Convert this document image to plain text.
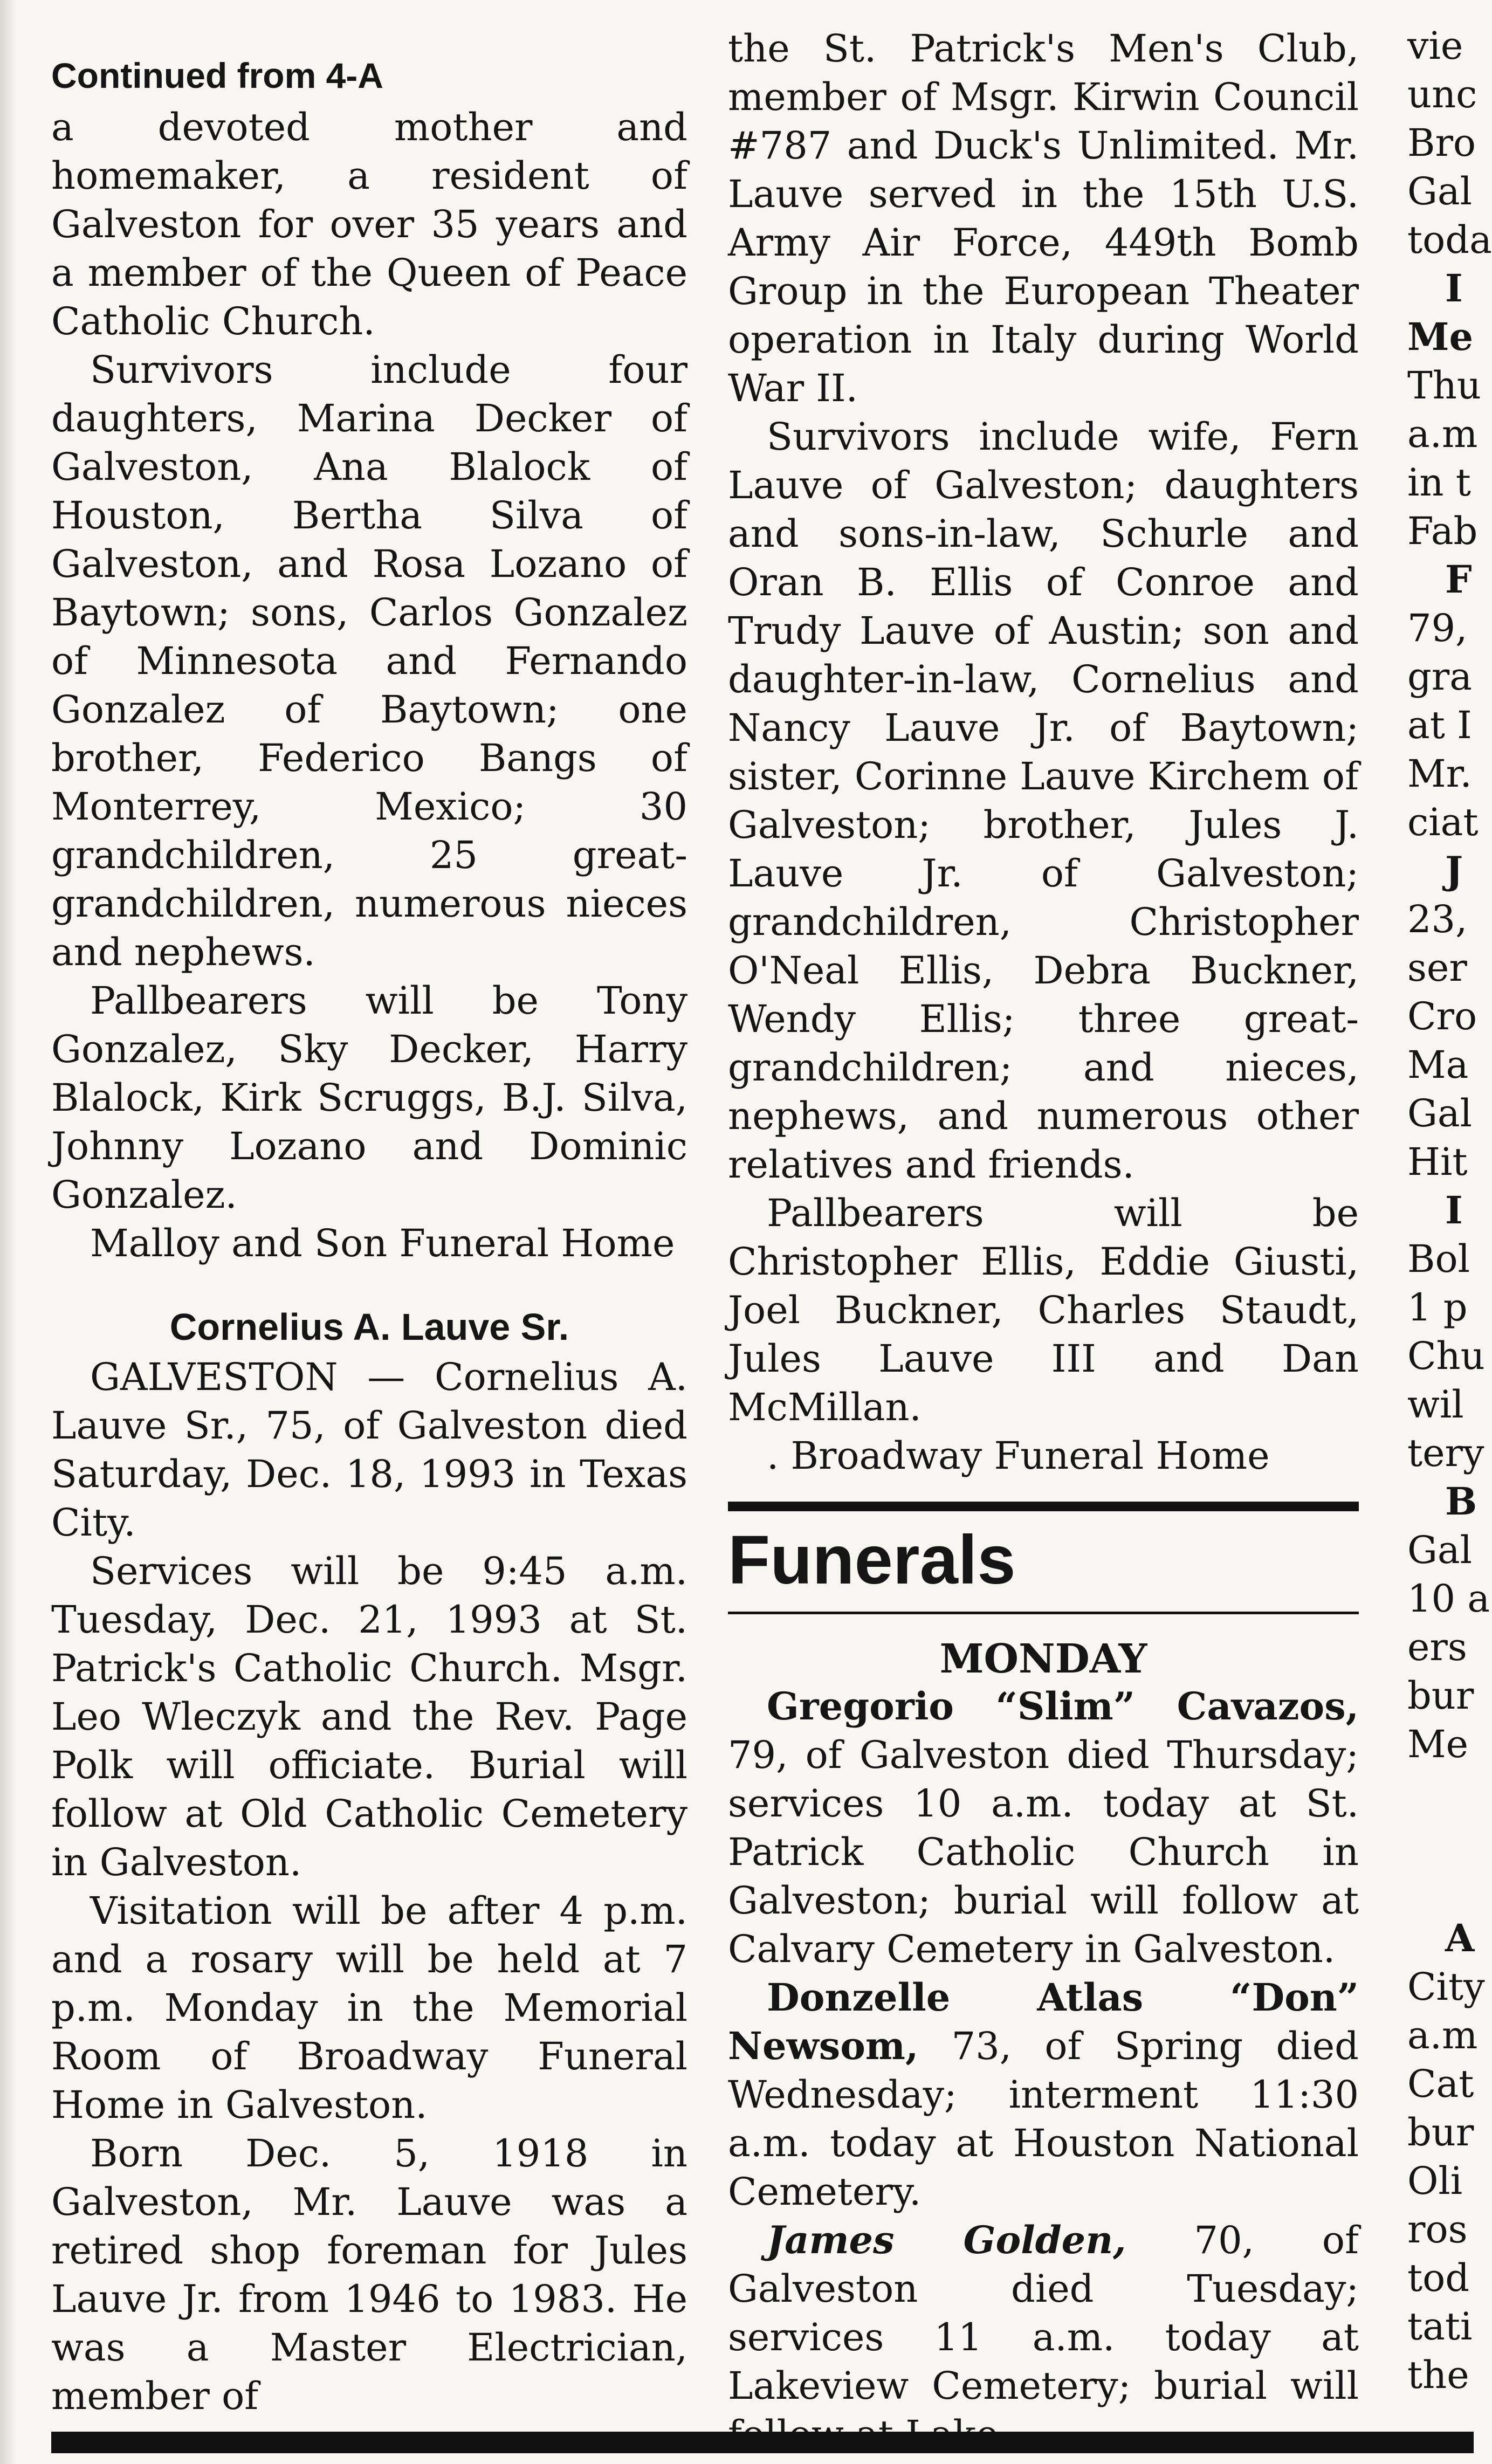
Continued from 4-A

a devoted mother and homemaker, a resident of Galveston for over 35 years and a member of the Queen of Peace Catholic Church.

Survivors include four daughters, Marina Decker of Galveston, Ana Blalock of Houston, Bertha Silva of Galveston, and Rosa Lozano of Baytown; sons, Carlos Gonzalez of Minnesota and Fernando Gonzalez of Baytown; one brother, Federico Bangs of Monterrey, Mexico; 30 grandchildren, 25 great-grandchildren, numerous nieces and nephews.

Pallbearers will be Tony Gonzalez, Sky Decker, Harry Blalock, Kirk Scruggs, B.J. Silva, Johnny Lozano and Dominic Gonzalez.

Malloy and Son Funeral Home

Cornelius A. Lauve Sr.

GALVESTON — Cornelius A. Lauve Sr., 75, of Galveston died Saturday, Dec. 18, 1993 in Texas City.

Services will be 9:45 a.m. Tuesday, Dec. 21, 1993 at St. Patrick's Catholic Church. Msgr. Leo Wleczyk and the Rev. Page Polk will officiate. Burial will follow at Old Catholic Cemetery in Galveston.

Visitation will be after 4 p.m. and a rosary will be held at 7 p.m. Monday in the Memorial Room of Broadway Funeral Home in Galveston.

Born Dec. 5, 1918 in Galveston, Mr. Lauve was a retired shop foreman for Jules Lauve Jr. from 1946 to 1983. He was a Master Electrician, member of

the St. Patrick's Men's Club, member of Msgr. Kirwin Council #787 and Duck's Unlimited. Mr. Lauve served in the 15th U.S. Army Air Force, 449th Bomb Group in the European Theater operation in Italy during World War II.

Survivors include wife, Fern Lauve of Galveston; daughters and sons-in-law, Schurle and Oran B. Ellis of Conroe and Trudy Lauve of Austin; son and daughter-in-law, Cornelius and Nancy Lauve Jr. of Baytown; sister, Corinne Lauve Kirchem of Galveston; brother, Jules J. Lauve Jr. of Galveston; grandchildren, Christopher O'Neal Ellis, Debra Buckner, Wendy Ellis; three great-grandchildren; and nieces, nephews, and numerous other relatives and friends.

Pallbearers will be Christopher Ellis, Eddie Giusti, Joel Buckner, Charles Staudt, Jules Lauve III and Dan McMillan.

. Broadway Funeral Home

Funerals
MONDAY

Gregorio “Slim” Cavazos, 79, of Galveston died Thursday; services 10 a.m. today at St. Patrick Catholic Church in Galveston; burial will follow at Calvary Cemetery in Galveston.

Donzelle Atlas “Don” Newsom, 73, of Spring died Wednesday; interment 11:30 a.m. today at Houston National Cemetery.

James Golden, 70, of Galveston died Tuesday; services 11 a.m. today at Lakeview Cemetery; burial will

vie
unc
Bro
Gal
toda
I
Me
Thu
a.m
in t
Fab
F
79,
gra
at I
Mr.
ciat
J
23,
ser
Cro
Ma
Gal
Hit
I
Bol
1 p
Chu
wil
tery
B
Gal
10 a
ers
bur
Me
A
City
a.m
Cat
bur
Oli
ros
tod
tati
the
